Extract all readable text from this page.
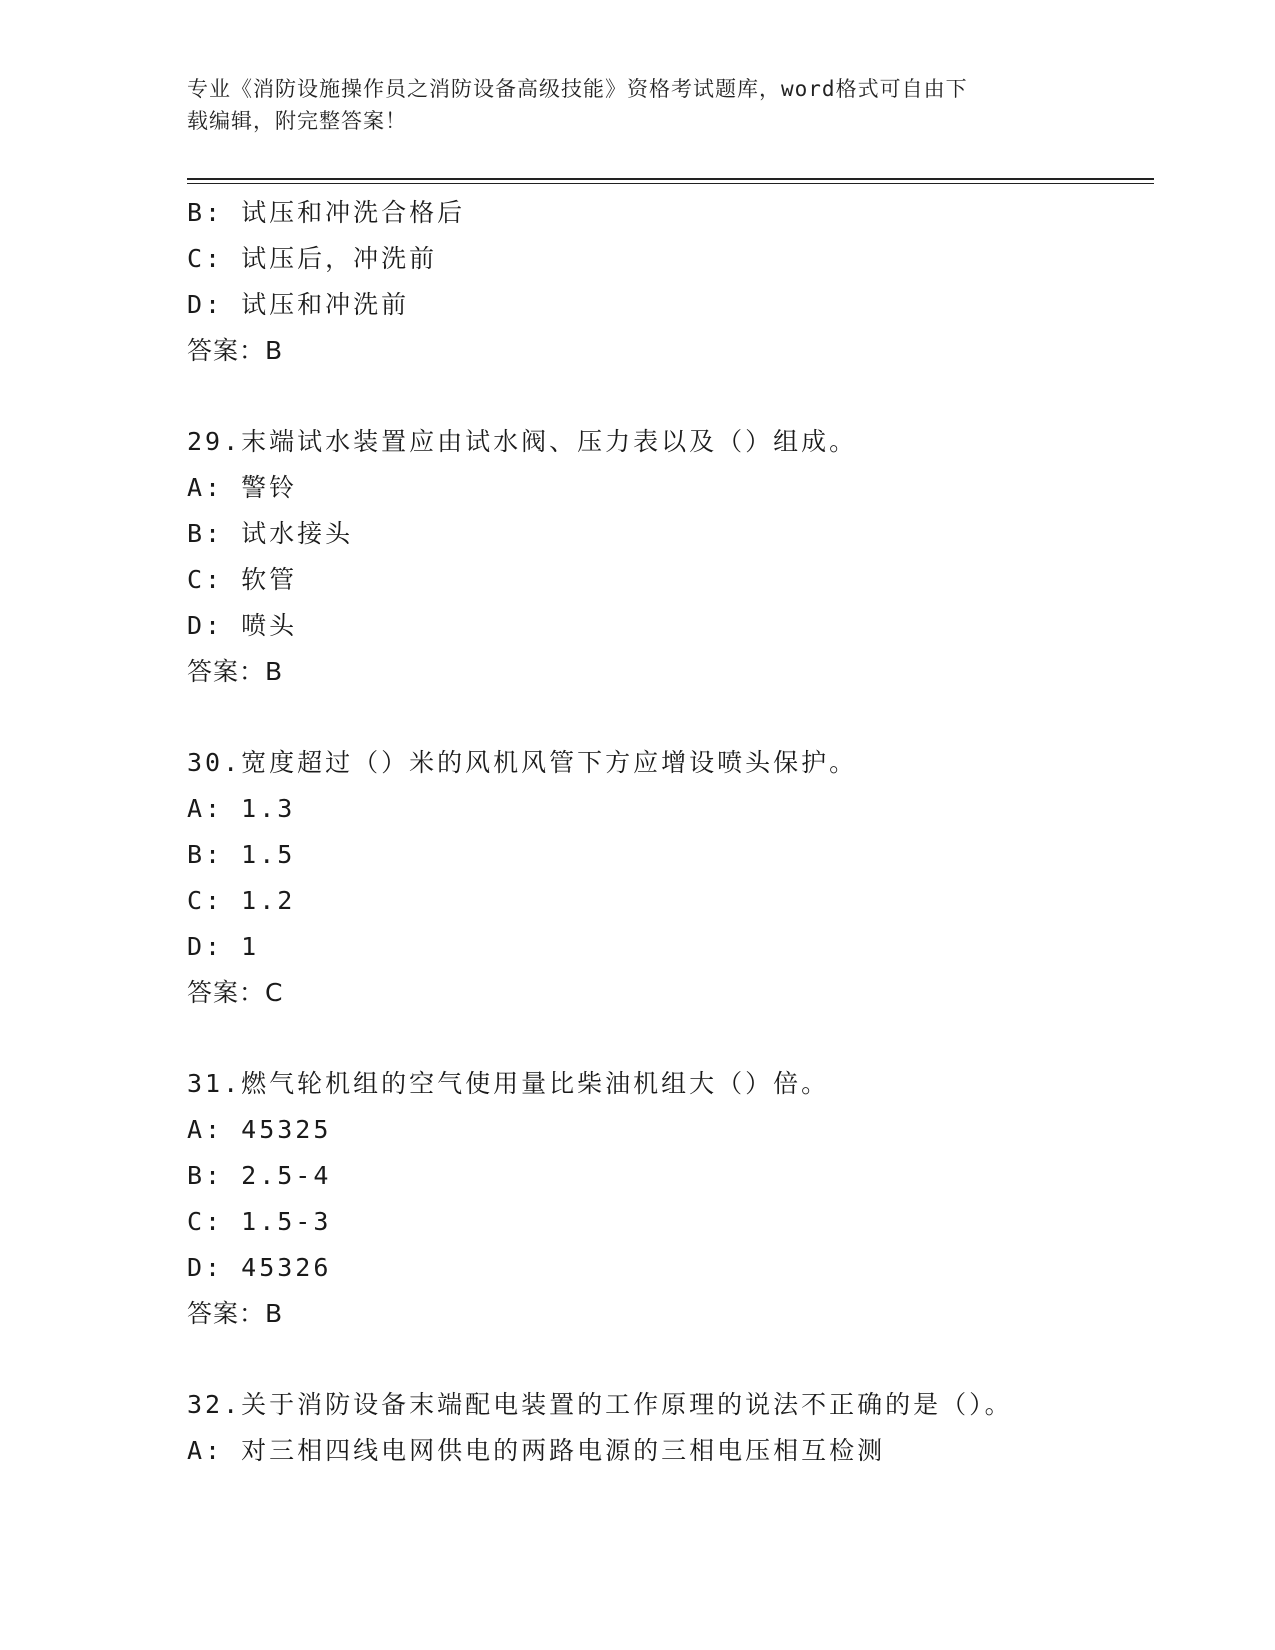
专业《消防设施操作员之消防设备高级技能》资格考试题库，word格式可自由下
载编辑，附完整答案！
B: 试压和冲洗合格后
C: 试压后，冲洗前
D: 试压和冲洗前
答案：B
29.末端试水装置应由试水阀、压力表以及（）组成。
A: 警铃
B: 试水接头
C: 软管
D: 喷头
答案：B
30.宽度超过（）米的风机风管下方应增设喷头保护。
A: 1.3
B: 1.5
C: 1.2
D: 1
答案：C
31.燃气轮机组的空气使用量比柴油机组大（）倍。
A: 45325
B: 2.5-4
C: 1.5-3
D: 45326
答案：B
32.关于消防设备末端配电装置的工作原理的说法不正确的是（）。
A: 对三相四线电网供电的两路电源的三相电压相互检测
